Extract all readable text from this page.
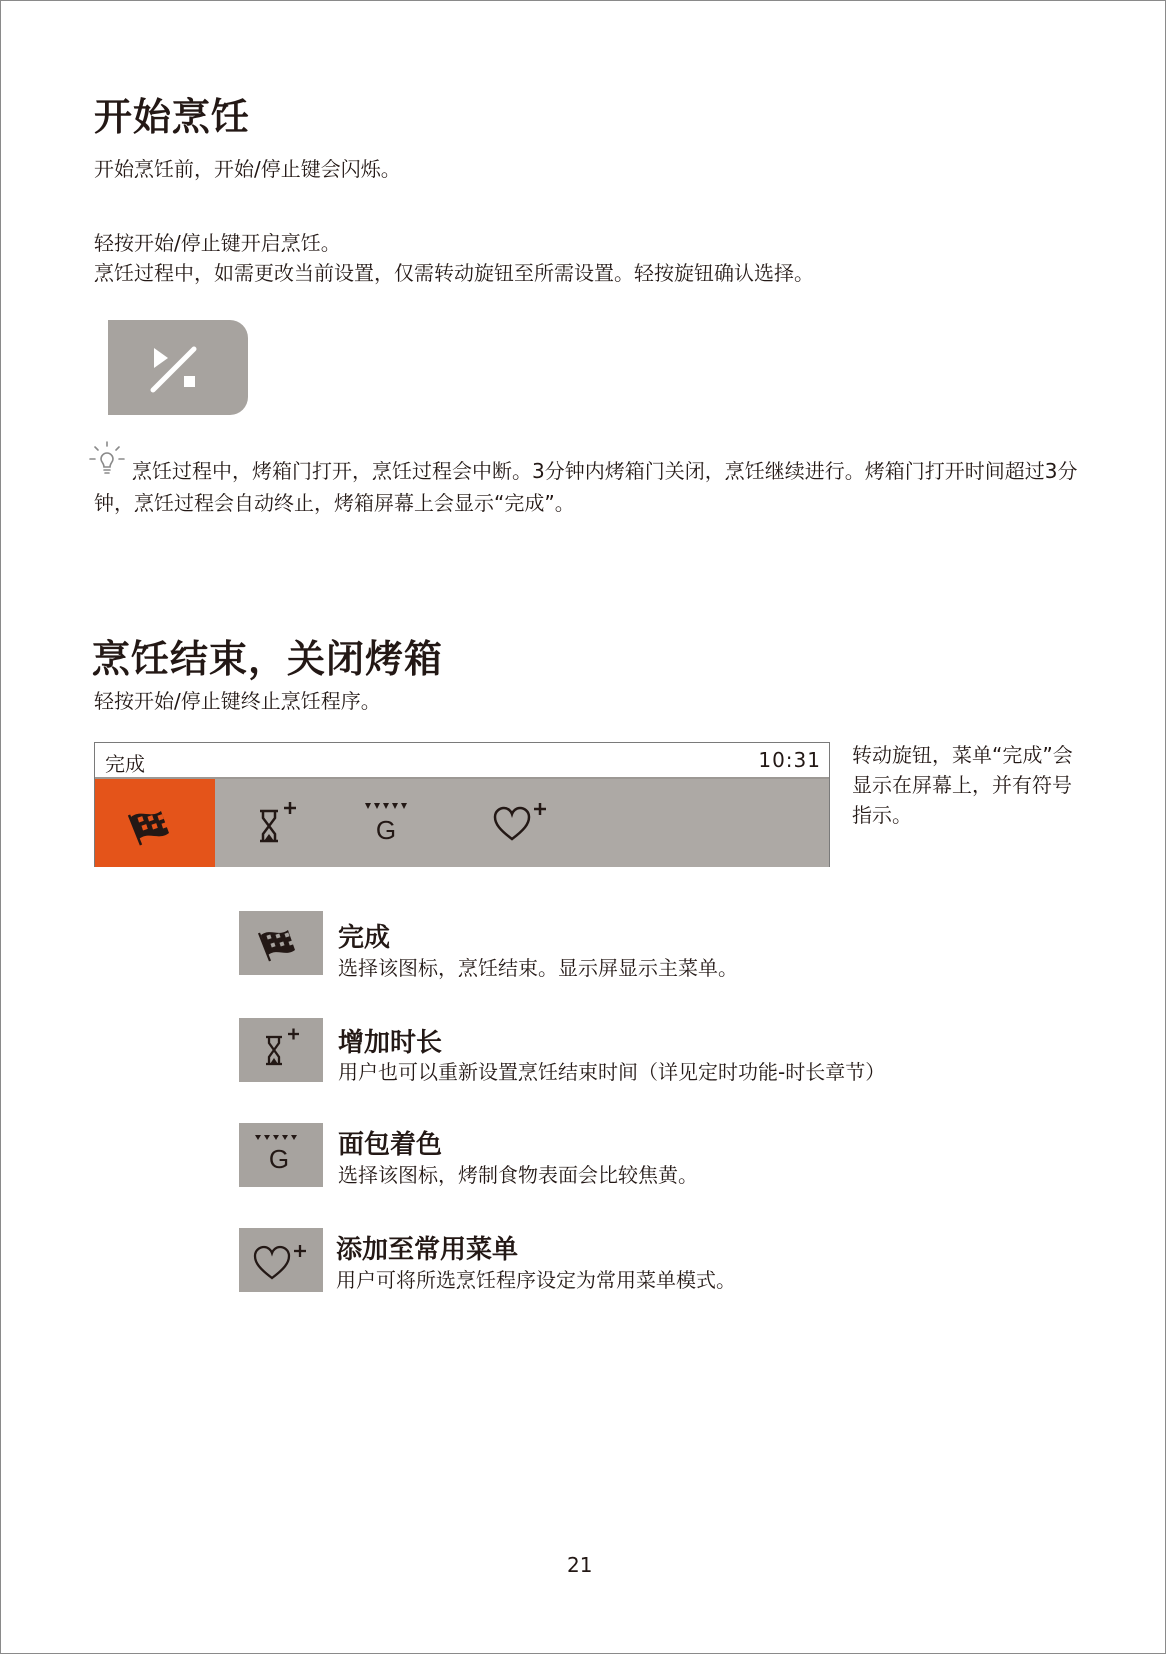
开始烹饪
开始烹饪前，开始/停止键会闪烁。
轻按开始/停止键开启烹饪。
烹饪过程中，如需更改当前设置，仅需转动旋钮至所需设置。轻按旋钮确认选择。
烹饪过程中，烤箱门打开，烹饪过程会中断。3分钟内烤箱门关闭，烹饪继续进行。烤箱门打开时间超过3分钟，烹饪过程会自动终止，烤箱屏幕上会显示“完成”。
烹饪结束，关闭烤箱
轻按开始/停止键终止烹饪程序。
完成	10:31
G
转动旋钮，菜单“完成”会显示在屏幕上，并有符号指示。
完成
选择该图标，烹饪结束。显示屏显示主菜单。
增加时长
用户也可以重新设置烹饪结束时间（详见定时功能-时长章节）
G 面包着色
选择该图标，烤制食物表面会比较焦黄。
添加至常用菜单
用户可将所选烹饪程序设定为常用菜单模式。
21
